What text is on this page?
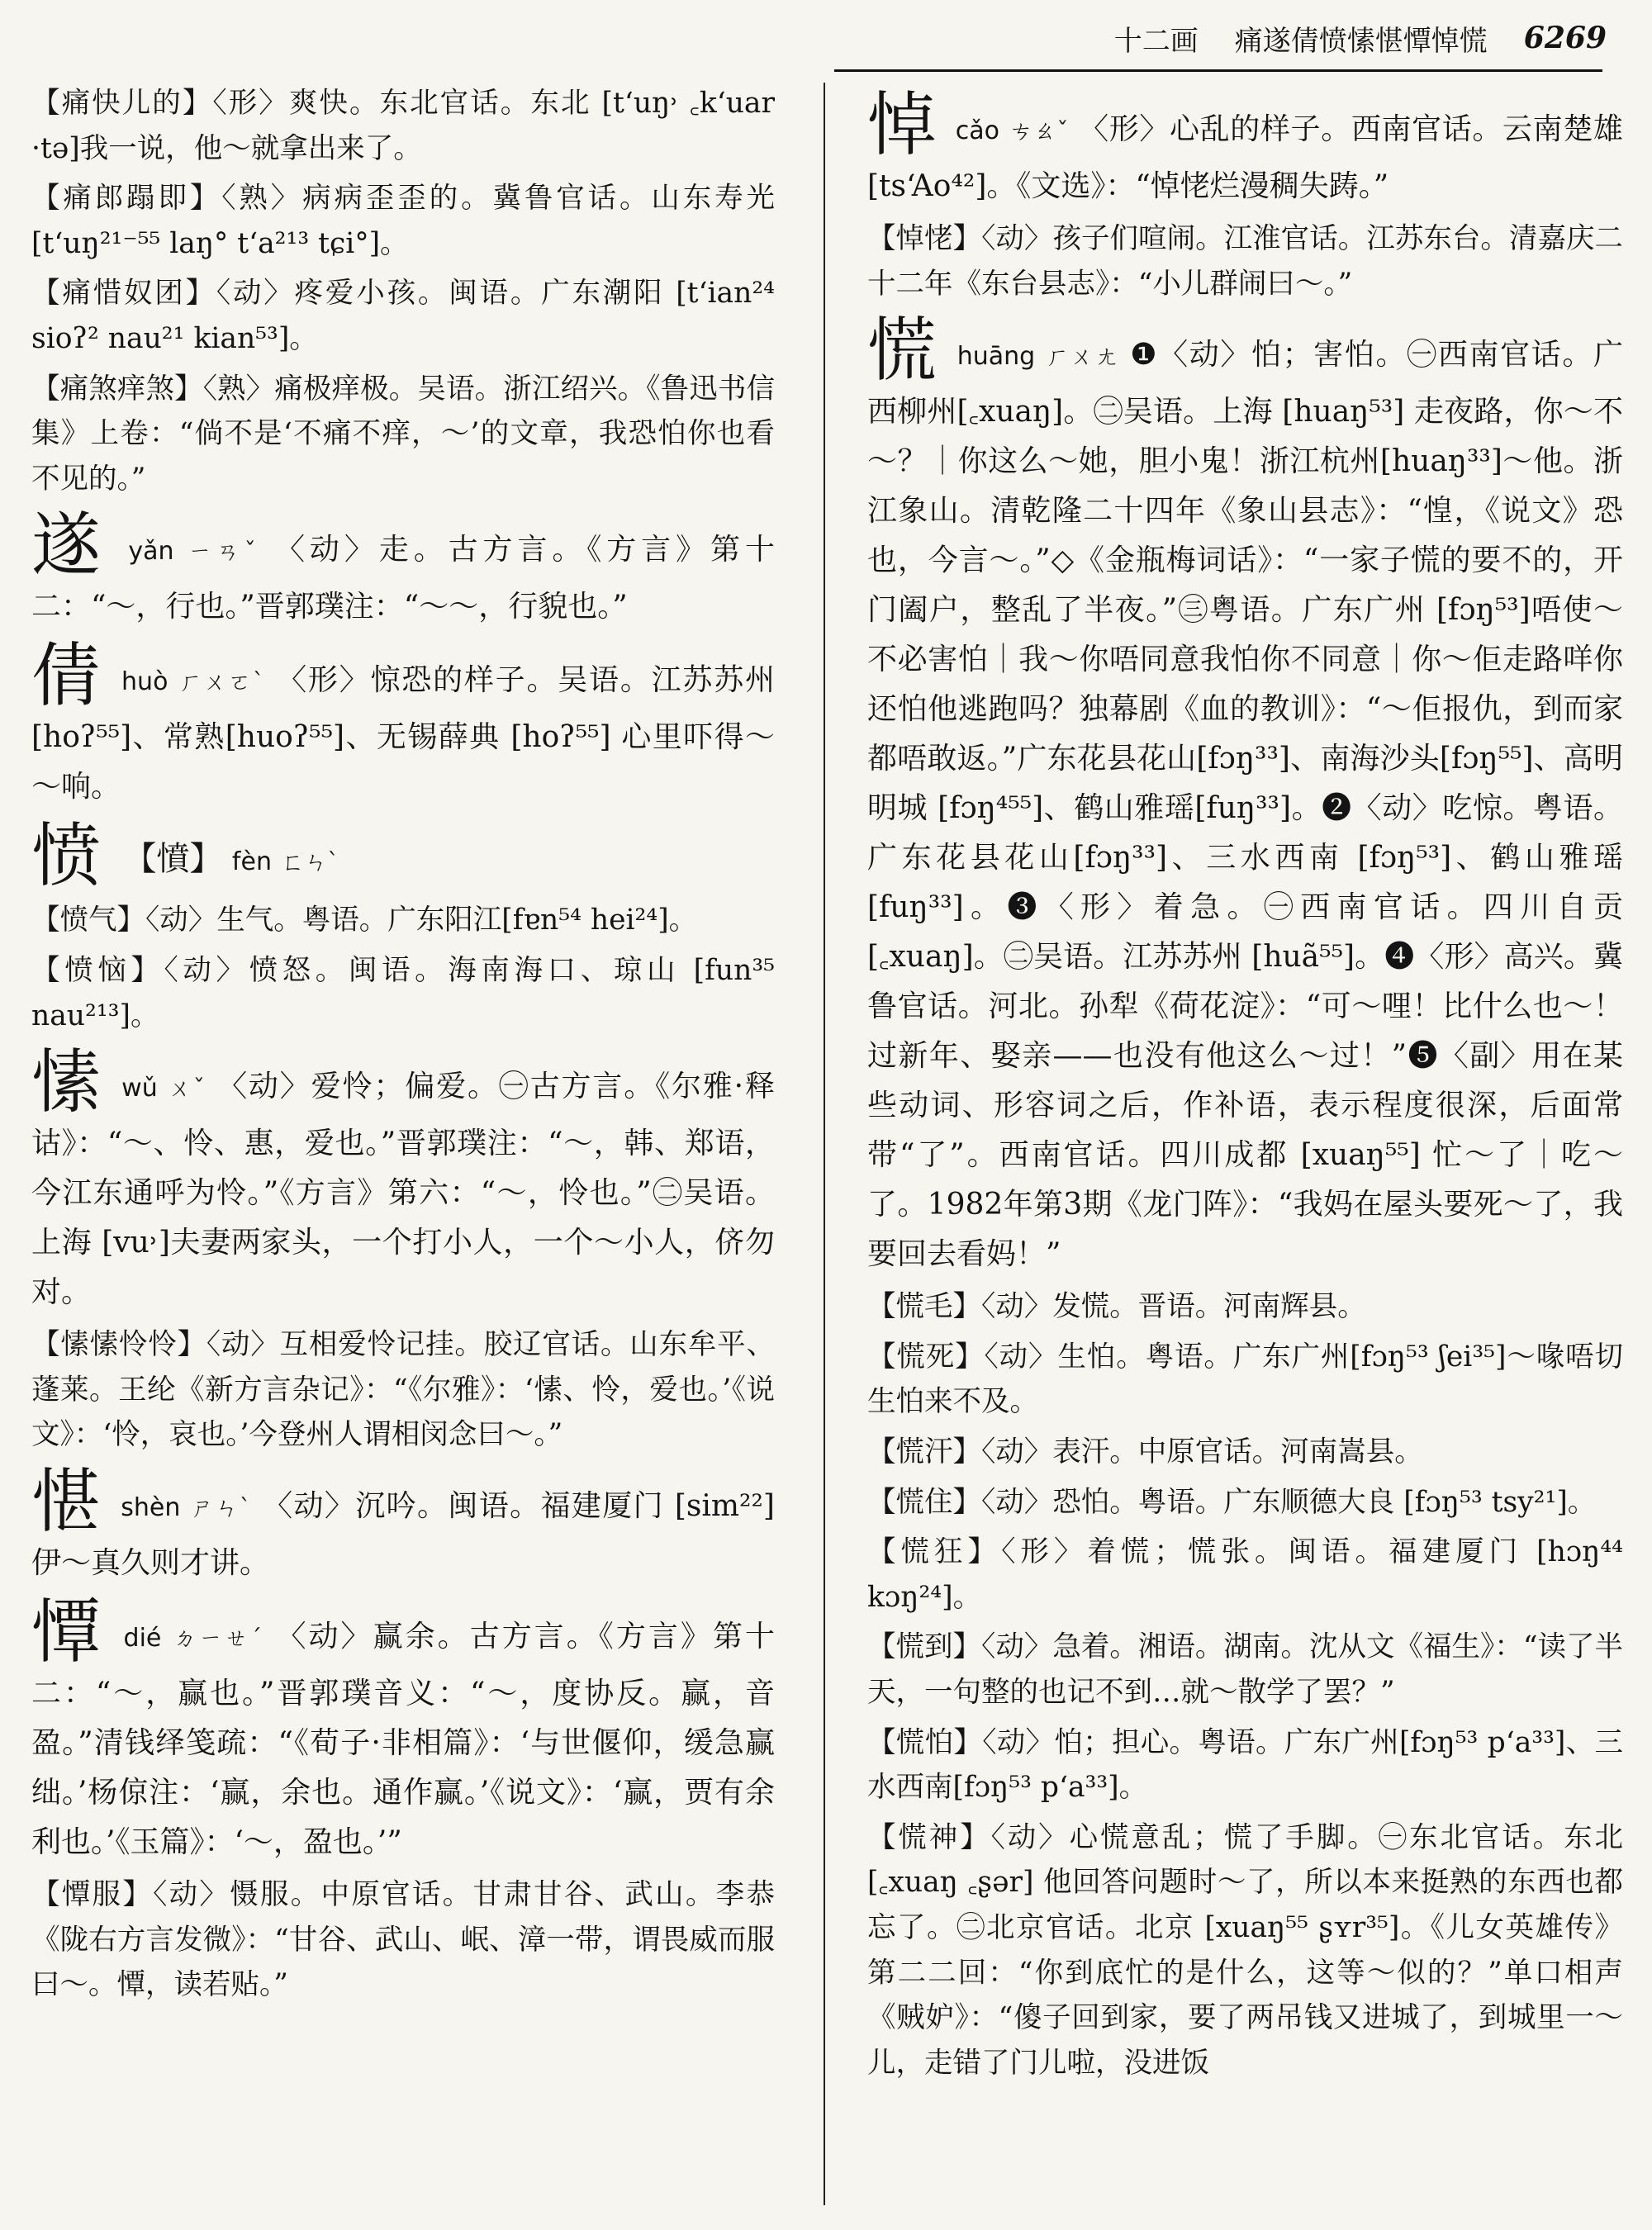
十二画 痛遂倩愤愫愖憛悼慌 6269

【痛快儿的】〈形〉爽快。东北官话。东北 [tʻuŋ˒ ꜀kʻuar ·tə]我一说，他～就拿出来了。

【痛郎蹋即】〈熟〉病病歪歪的。冀鲁官话。山东寿光 [tʻuŋ²¹⁻⁵⁵ laŋ° tʻa²¹³ tɕi°]。

【痛惜奴团】〈动〉疼爱小孩。闽语。广东潮阳 [tʻian²⁴ sioʔ² nau²¹ kian⁵³]。

【痛煞痒煞】〈熟〉痛极痒极。吴语。浙江绍兴。《鲁迅书信集》上卷：“倘不是‘不痛不痒，～’的文章，我恐怕你也看不见的。”

遂 yǎn ㄧㄢˇ 〈动〉走。古方言。《方言》第十二：“～，行也。”晋郭璞注：“～～，行貌也。”
倩 huò ㄏㄨㄛˋ 〈形〉惊恐的样子。吴语。江苏苏州 [hoʔ⁵⁵]、常熟[huoʔ⁵⁵]、无锡薛典 [hoʔ⁵⁵] 心里吓得～～响。
愤 【憤】 fèn ㄈㄣˋ

【愤气】〈动〉生气。粤语。广东阳江[fɐn⁵⁴ hei²⁴]。

【愤恼】〈动〉愤怒。闽语。海南海口、琼山 [fun³⁵ nau²¹³]。

愫 wǔ ㄨˇ 〈动〉爱怜；偏爱。㊀古方言。《尔雅·释诂》：“～、怜、惠，爱也。”晋郭璞注：“～，韩、郑语，今江东通呼为怜。”《方言》第六：“～，怜也。”㊁吴语。上海 [vu˒]夫妻两家头，一个打小人，一个～小人，侪勿对。

【愫愫怜怜】〈动〉互相爱怜记挂。胶辽官话。山东牟平、蓬莱。王纶《新方言杂记》：“《尔雅》：‘愫、怜，爱也。’《说文》：‘怜，哀也。’今登州人谓相闵念曰～。”

愖 shèn ㄕㄣˋ 〈动〉沉吟。闽语。福建厦门 [sim²²]伊～真久则才讲。
憛 dié ㄉㄧㄝˊ 〈动〉赢余。古方言。《方言》第十二：“～，赢也。”晋郭璞音义：“～，度协反。赢，音盈。”清钱绎笺疏：“《荀子·非相篇》：‘与世偃仰，缓急赢绌。’杨倞注：‘赢，余也。通作赢。’《说文》：‘赢，贾有余利也。’《玉篇》：‘～，盈也。’”

【憛服】〈动〉慑服。中原官话。甘肃甘谷、武山。李恭《陇右方言发微》：“甘谷、武山、岷、漳一带，谓畏威而服曰～。憛，读若贴。”

悼 cǎo ㄘㄠˇ 〈形〉心乱的样子。西南官话。云南楚雄[tsʻAo⁴²]。《文选》：“悼恅烂漫稠失踌。”

【悼恅】〈动〉孩子们喧闹。江淮官话。江苏东台。清嘉庆二十二年《东台县志》：“小儿群闹曰～。”

慌 huāng ㄏㄨㄤ ❶〈动〉怕；害怕。㊀西南官话。广西柳州[꜀xuaŋ]。㊁吴语。上海 [huaŋ⁵³] 走夜路，你～不～？｜你这么～她，胆小鬼！浙江杭州[huaŋ³³]～他。浙江象山。清乾隆二十四年《象山县志》：“惶，《说文》恐也，今言～。”◇《金瓶梅词话》：“一家子慌的要不的，开门阖户，整乱了半夜。”㊂粤语。广东广州 [fɔŋ⁵³]唔使～不必害怕｜我～你唔同意我怕你不同意｜你～佢走路咩你还怕他逃跑吗？独幕剧《血的教训》：“～佢报仇，到而家都唔敢返。”广东花县花山[fɔŋ³³]、南海沙头[fɔŋ⁵⁵]、高明明城 [fɔŋ⁴⁵⁵]、鹤山雅瑶[fuŋ³³]。❷〈动〉吃惊。粤语。广东花县花山[fɔŋ³³]、三水西南 [fɔŋ⁵³]、鹤山雅瑶[fuŋ³³]。❸〈形〉着急。㊀西南官话。四川自贡 [꜀xuaŋ]。㊁吴语。江苏苏州 [huã⁵⁵]。❹〈形〉高兴。冀鲁官话。河北。孙犁《荷花淀》：“可～哩！比什么也～！过新年、娶亲——也没有他这么～过！”❺〈副〉用在某些动词、形容词之后，作补语，表示程度很深，后面常带“了”。西南官话。四川成都 [xuaŋ⁵⁵] 忙～了｜吃～了。1982年第3期《龙门阵》：“我妈在屋头要死～了，我要回去看妈！”

【慌毛】〈动〉发慌。晋语。河南辉县。

【慌死】〈动〉生怕。粤语。广东广州[fɔŋ⁵³ ʃei³⁵]～喙唔切生怕来不及。

【慌汗】〈动〉表汗。中原官话。河南嵩县。

【慌住】〈动〉恐怕。粤语。广东顺德大良 [fɔŋ⁵³ tsy²¹]。

【慌狂】〈形〉着慌；慌张。闽语。福建厦门 [hɔŋ⁴⁴ kɔŋ²⁴]。

【慌到】〈动〉急着。湘语。湖南。沈从文《福生》：“读了半天，一句整的也记不到…就～散学了罢？”

【慌怕】〈动〉怕；担心。粤语。广东广州[fɔŋ⁵³ pʻa³³]、三水西南[fɔŋ⁵³ pʻa³³]。

【慌神】〈动〉心慌意乱；慌了手脚。㊀东北官话。东北 [꜀xuaŋ ꜀ʂər] 他回答问题时～了，所以本来挺熟的东西也都忘了。㊁北京官话。北京 [xuaŋ⁵⁵ ʂʏr³⁵]。《儿女英雄传》第二二回：“你到底忙的是什么，这等～似的？”单口相声《贼妒》：“傻子回到家，要了两吊钱又进城了，到城里一～儿，走错了门儿啦，没进饭
